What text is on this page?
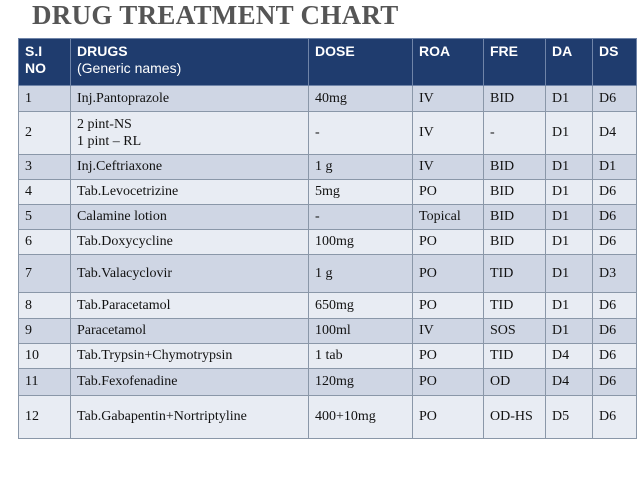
DRUG TREATMENT CHART
S.I
NO	DRUGS
(Generic names)	DOSE	ROA	FRE	DA	DS
1	Inj.Pantoprazole	40mg	IV	BID	D1	D6
2	2 pint-NS
1 pint – RL	-	IV	-	D1	D4
3	Inj.Ceftriaxone	1 g	IV	BID	D1	D1
4	Tab.Levocetrizine	5mg	PO	BID	D1	D6
5	Calamine lotion	-	Topical	BID	D1	D6
6	Tab.Doxycycline	100mg	PO	BID	D1	D6
7	Tab.Valacyclovir	1 g	PO	TID	D1	D3
8	Tab.Paracetamol	650mg	PO	TID	D1	D6
9	Paracetamol	100ml	IV	SOS	D1	D6
10	Tab.Trypsin+Chymotrypsin	1 tab	PO	TID	D4	D6
11	Tab.Fexofenadine	120mg	PO	OD	D4	D6
12	Tab.Gabapentin+Nortriptyline	400+10mg	PO	OD-HS	D5	D6
